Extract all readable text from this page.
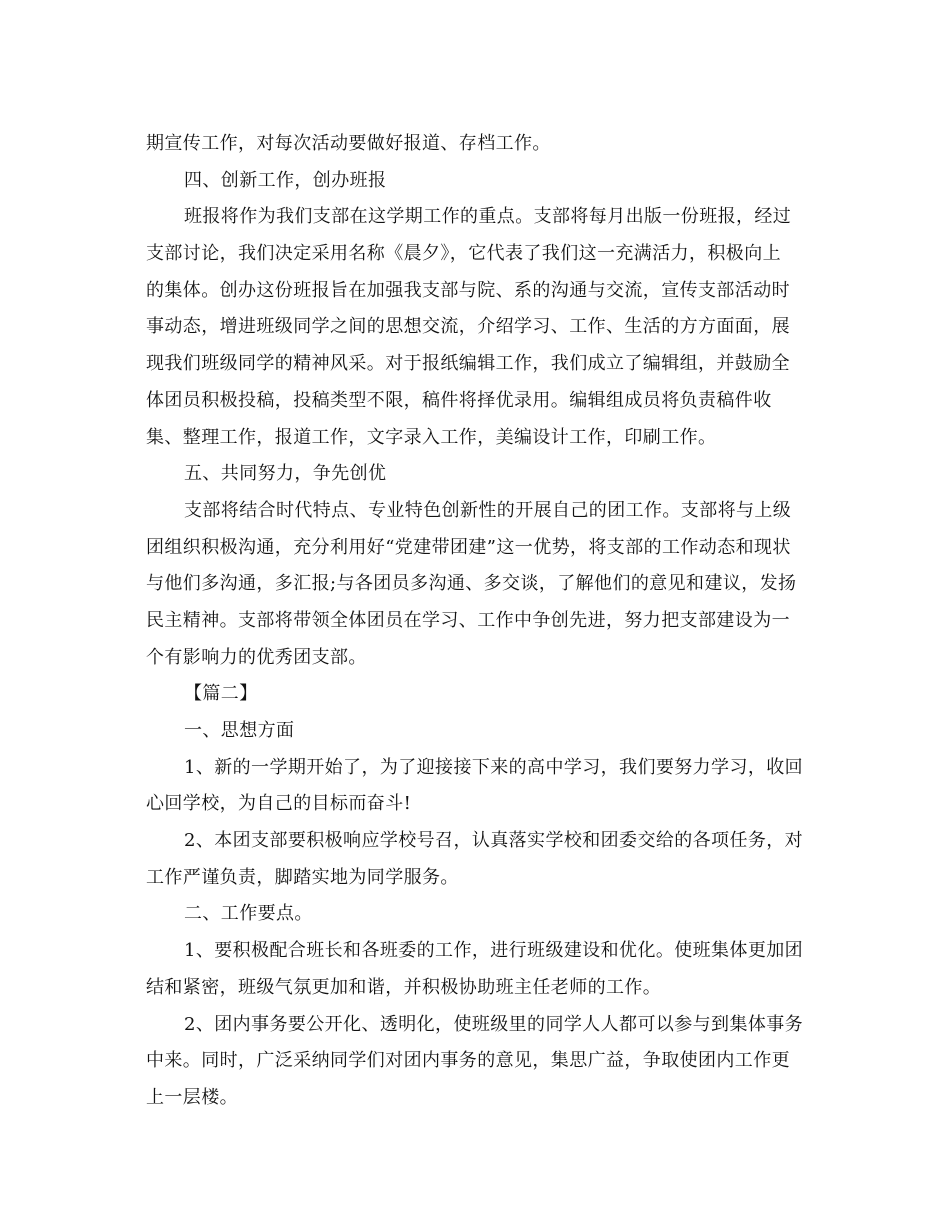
期宣传工作，对每次活动要做好报道、存档工作。
四、创新工作，创办班报
班报将作为我们支部在这学期工作的重点。支部将每月出版一份班报，经过
支部讨论，我们决定采用名称《晨夕》，它代表了我们这一充满活力，积极向上
的集体。创办这份班报旨在加强我支部与院、系的沟通与交流，宣传支部活动时
事动态，增进班级同学之间的思想交流，介绍学习、工作、生活的方方面面，展
现我们班级同学的精神风采。对于报纸编辑工作，我们成立了编辑组，并鼓励全
体团员积极投稿，投稿类型不限，稿件将择优录用。编辑组成员将负责稿件收
集、整理工作，报道工作，文字录入工作，美编设计工作，印刷工作。
五、共同努力，争先创优
支部将结合时代特点、专业特色创新性的开展自己的团工作。支部将与上级
团组织积极沟通，充分利用好“党建带团建”这一优势，将支部的工作动态和现状
与他们多沟通，多汇报;与各团员多沟通、多交谈，了解他们的意见和建议，发扬
民主精神。支部将带领全体团员在学习、工作中争创先进，努力把支部建设为一
个有影响力的优秀团支部。
【篇二】
一、思想方面
1、新的一学期开始了，为了迎接接下来的高中学习，我们要努力学习，收回
心回学校，为自己的目标而奋斗!
2、本团支部要积极响应学校号召，认真落实学校和团委交给的各项任务，对
工作严谨负责，脚踏实地为同学服务。
二、工作要点。
1、要积极配合班长和各班委的工作，进行班级建设和优化。使班集体更加团
结和紧密，班级气氛更加和谐，并积极协助班主任老师的工作。
2、团内事务要公开化、透明化，使班级里的同学人人都可以参与到集体事务
中来。同时，广泛采纳同学们对团内事务的意见，集思广益，争取使团内工作更
上一层楼。
